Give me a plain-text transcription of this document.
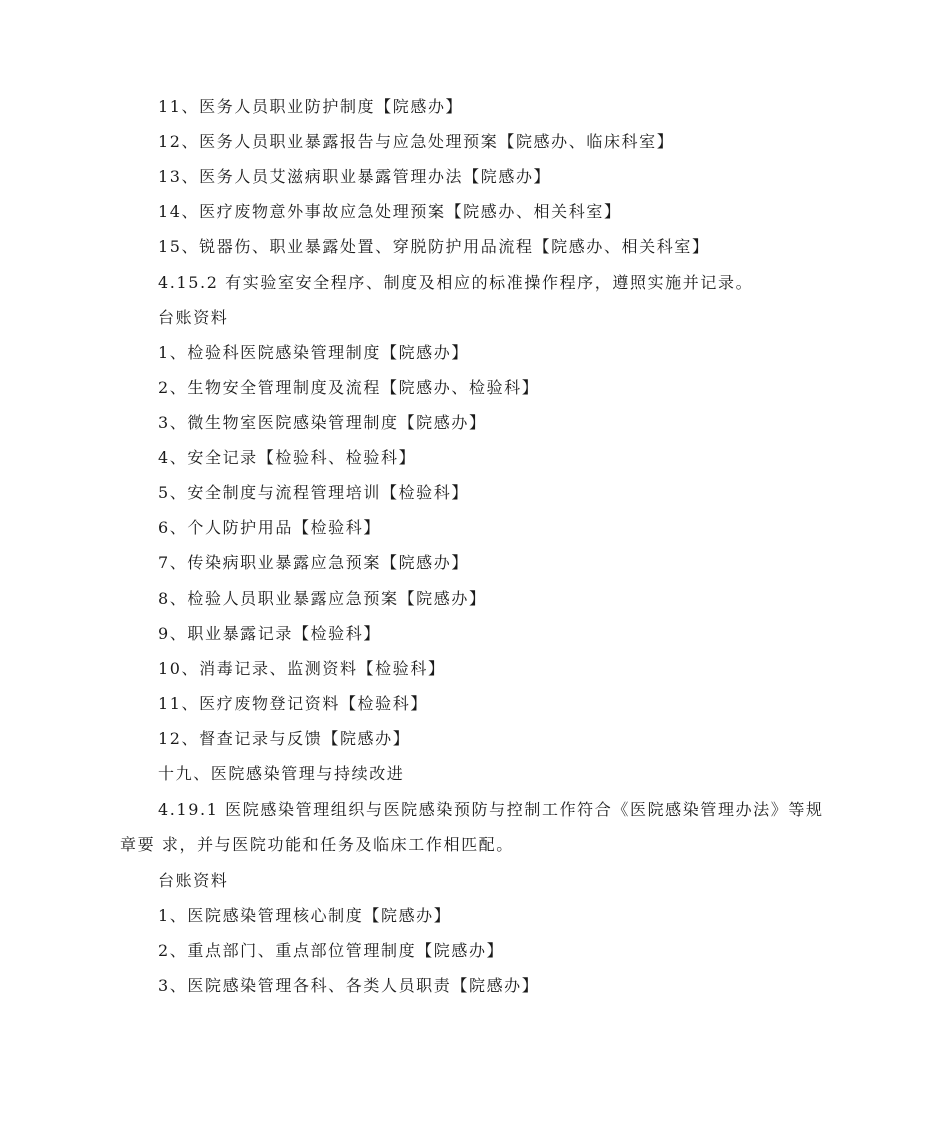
11、医务人员职业防护制度【院感办】
12、医务人员职业暴露报告与应急处理预案【院感办、临床科室】
13、医务人员艾滋病职业暴露管理办法【院感办】
14、医疗废物意外事故应急处理预案【院感办、相关科室】
15、锐器伤、职业暴露处置、穿脱防护用品流程【院感办、相关科室】
4.15.2 有实验室安全程序、制度及相应的标准操作程序，遵照实施并记录。
台账资料
1、检验科医院感染管理制度【院感办】
2、生物安全管理制度及流程【院感办、检验科】
3、微生物室医院感染管理制度【院感办】
4、安全记录【检验科、检验科】
5、安全制度与流程管理培训【检验科】
6、个人防护用品【检验科】
7、传染病职业暴露应急预案【院感办】
8、检验人员职业暴露应急预案【院感办】
9、职业暴露记录【检验科】
10、消毒记录、监测资料【检验科】
11、医疗废物登记资料【检验科】
12、督查记录与反馈【院感办】
十九、医院感染管理与持续改进
4.19.1 医院感染管理组织与医院感染预防与控制工作符合《医院感染管理办法》等规
章要 求，并与医院功能和任务及临床工作相匹配。
台账资料
1、医院感染管理核心制度【院感办】
2、重点部门、重点部位管理制度【院感办】
3、医院感染管理各科、各类人员职责【院感办】
